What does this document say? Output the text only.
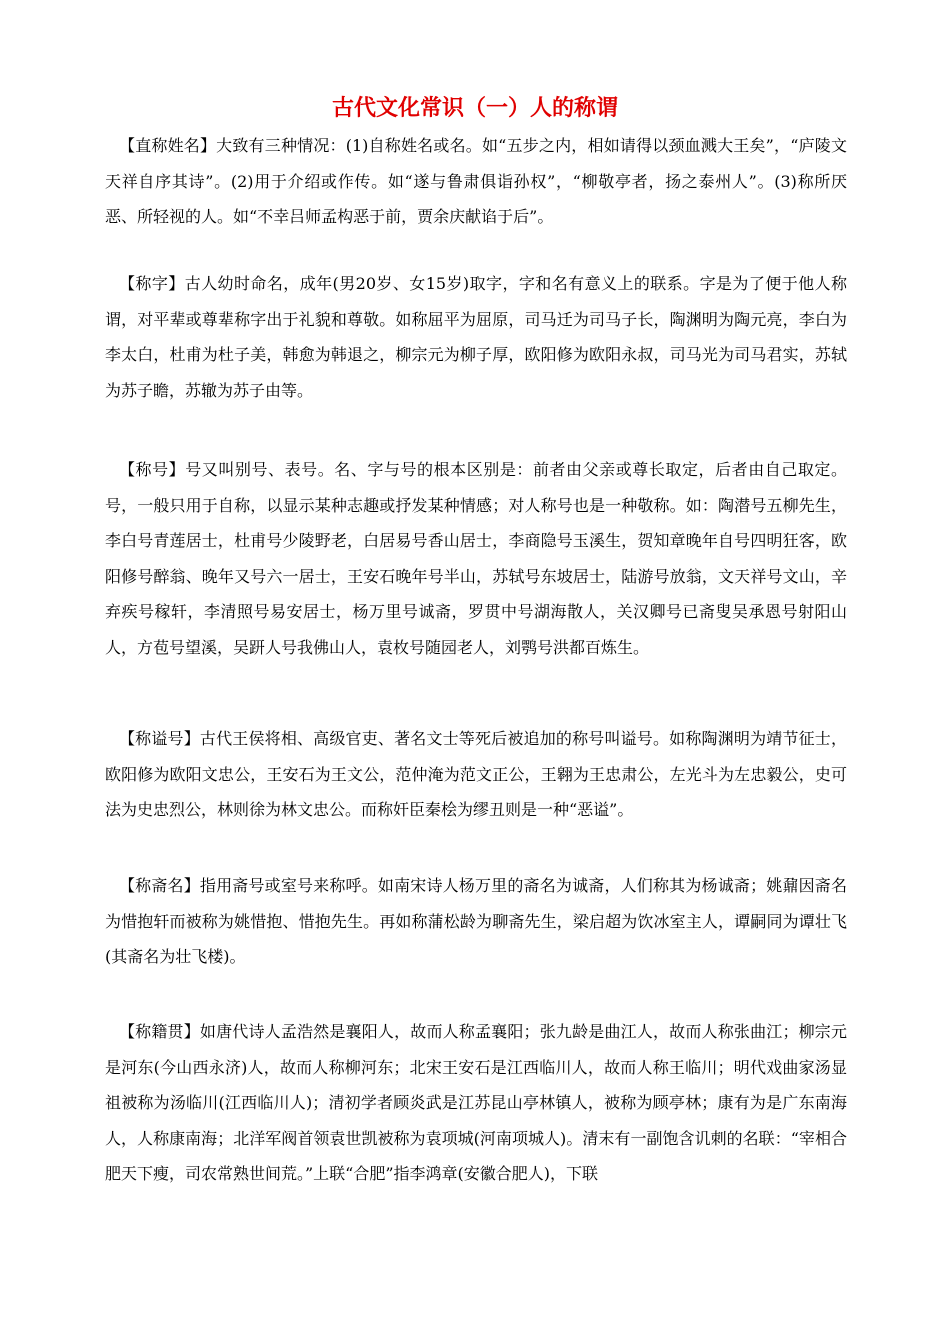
古代文化常识（一）人的称谓

【直称姓名】大致有三种情况：(1)自称姓名或名。如“五步之内，相如请得以颈血溅大王矣”，“庐陵文天祥自序其诗”。(2)用于介绍或作传。如“遂与鲁肃俱诣孙权”，“柳敬亭者，扬之泰州人”。(3)称所厌恶、所轻视的人。如“不幸吕师孟构恶于前，贾余庆献谄于后”。

【称字】古人幼时命名，成年(男20岁、女15岁)取字，字和名有意义上的联系。字是为了便于他人称谓，对平辈或尊辈称字出于礼貌和尊敬。如称屈平为屈原，司马迁为司马子长，陶渊明为陶元亮，李白为李太白，杜甫为杜子美，韩愈为韩退之，柳宗元为柳子厚，欧阳修为欧阳永叔，司马光为司马君实，苏轼为苏子瞻，苏辙为苏子由等。

【称号】号又叫别号、表号。名、字与号的根本区别是：前者由父亲或尊长取定，后者由自己取定。号，一般只用于自称，以显示某种志趣或抒发某种情感；对人称号也是一种敬称。如：陶潜号五柳先生，李白号青莲居士，杜甫号少陵野老，白居易号香山居士，李商隐号玉溪生，贺知章晚年自号四明狂客，欧阳修号醉翁、晚年又号六一居士，王安石晚年号半山，苏轼号东坡居士，陆游号放翁，文天祥号文山，辛弃疾号稼轩，李清照号易安居士，杨万里号诚斋，罗贯中号湖海散人，关汉卿号已斋叟吴承恩号射阳山人，方苞号望溪，吴趼人号我佛山人，袁枚号随园老人，刘鹗号洪都百炼生。

【称谥号】古代王侯将相、高级官吏、著名文士等死后被追加的称号叫谥号。如称陶渊明为靖节征士，欧阳修为欧阳文忠公，王安石为王文公，范仲淹为范文正公，王翱为王忠肃公，左光斗为左忠毅公，史可法为史忠烈公，林则徐为林文忠公。而称奸臣秦桧为缪丑则是一种“恶谥”。

【称斋名】指用斋号或室号来称呼。如南宋诗人杨万里的斋名为诚斋，人们称其为杨诚斋；姚鼐因斋名为惜抱轩而被称为姚惜抱、惜抱先生。再如称蒲松龄为聊斋先生，梁启超为饮冰室主人，谭嗣同为谭壮飞(其斋名为壮飞楼)。

【称籍贯】如唐代诗人孟浩然是襄阳人，故而人称孟襄阳；张九龄是曲江人，故而人称张曲江；柳宗元是河东(今山西永济)人，故而人称柳河东；北宋王安石是江西临川人，故而人称王临川；明代戏曲家汤显祖被称为汤临川(江西临川人)；清初学者顾炎武是江苏昆山亭林镇人，被称为顾亭林；康有为是广东南海人，人称康南海；北洋军阀首领袁世凯被称为袁项城(河南项城人)。清末有一副饱含讥刺的名联：“宰相合肥天下瘦，司农常熟世间荒。”上联“合肥”指李鸿章(安徽合肥人)，下联
